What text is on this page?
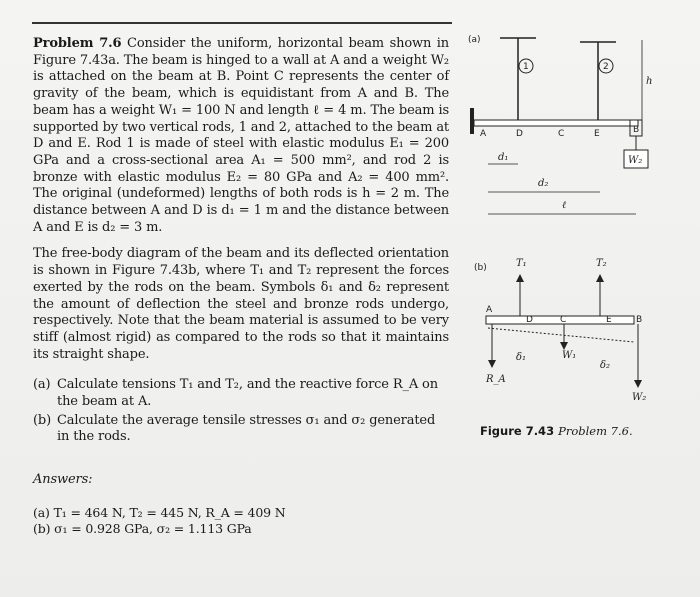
Problem 7.6 Consider the uniform, horizontal beam shown in Figure 7.43a. The beam is hinged to a wall at A and a weight W₂ is attached on the beam at B. Point C represents the center of gravity of the beam, which is equidistant from A and B. The beam has a weight W₁ = 100 N and length ℓ = 4 m. The beam is supported by two vertical rods, 1 and 2, attached to the beam at D and E. Rod 1 is made of steel with elastic modulus E₁ = 200 GPa and a cross-sectional area A₁ = 500 mm², and rod 2 is bronze with elastic modulus E₂ = 80 GPa and A₂ = 400 mm². The original (undeformed) lengths of both rods is h = 2 m. The distance between A and D is d₁ = 1 m and the distance between A and E is d₂ = 3 m.

The free-body diagram of the beam and its deflected orientation is shown in Figure 7.43b, where T₁ and T₂ represent the forces exerted by the rods on the beam. Symbols δ₁ and δ₂ represent the amount of deflection the steel and bronze rods undergo, respectively. Note that the beam material is assumed to be very stiff (almost rigid) as compared to the rods so that it maintains its straight shape.

(a) Calculate tensions T₁ and T₂, and the reactive force R_A on the beam at A.
(b) Calculate the average tensile stresses σ₁ and σ₂ generated in the rods.
Answers:
(a) T₁ = 464 N, T₂ = 445 N, R_A = 409 N
(b) σ₁ = 0.928 GPa, σ₂ = 1.113 GPa
(a)
1	2
h
A	D	C	E	B
W₂
d₁
d₂
ℓ
(b)	T₁	T₂
A
D	C	E	B
δ₁	W₁
δ₂
R_A
W₂
Figure 7.43 Problem 7.6.
